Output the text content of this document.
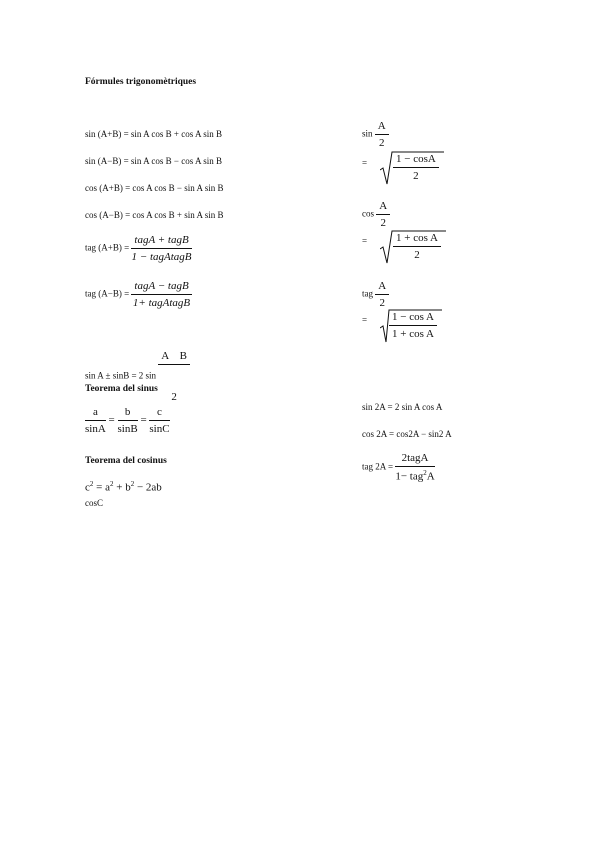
Fórmules trigonomètriques
sin (A+B) = sin A cos B + cos A sin B
sin (A−B) = sin A cos B − cos A sin B
cos (A+B) = cos A cos B − sin A sin B
cos (A−B) = cos A cos B + sin A sin B
tag $(A+B) = \frac{\text{tagA + tagB}}{\text{1 − tagAtagB}}$
tag $(A-B) = \frac{\text{tagA − tagB}}{\text{1+ tagAtagB}}$
sin A ± sinB = 2 sin
$\frac{\text{A    B}}{2}$

$\sin \frac{A}{2}$
= $\frac{1 - \cos A}{2}$
$\cos \frac{A}{2}$
= $\frac{\text{1 + cos A}}{2}$
tag $\frac{A}{2}$
= $\frac{\text{1 − cos A}}{\text{1 + cos A}}$
sin 2A = 2 sin A cos A
cos 2A = cos2A − sin2 A
tag $2A = \frac{\text{2tagA}}{1- tag^2A}$
Teorema del sinus
$\frac{a}{\sin A} = \frac{b}{\sin B} = \frac{c}{\sin C}$
Teorema del cosinus
$c^2 = a^2 + b^2 - 2ab$
cosC
